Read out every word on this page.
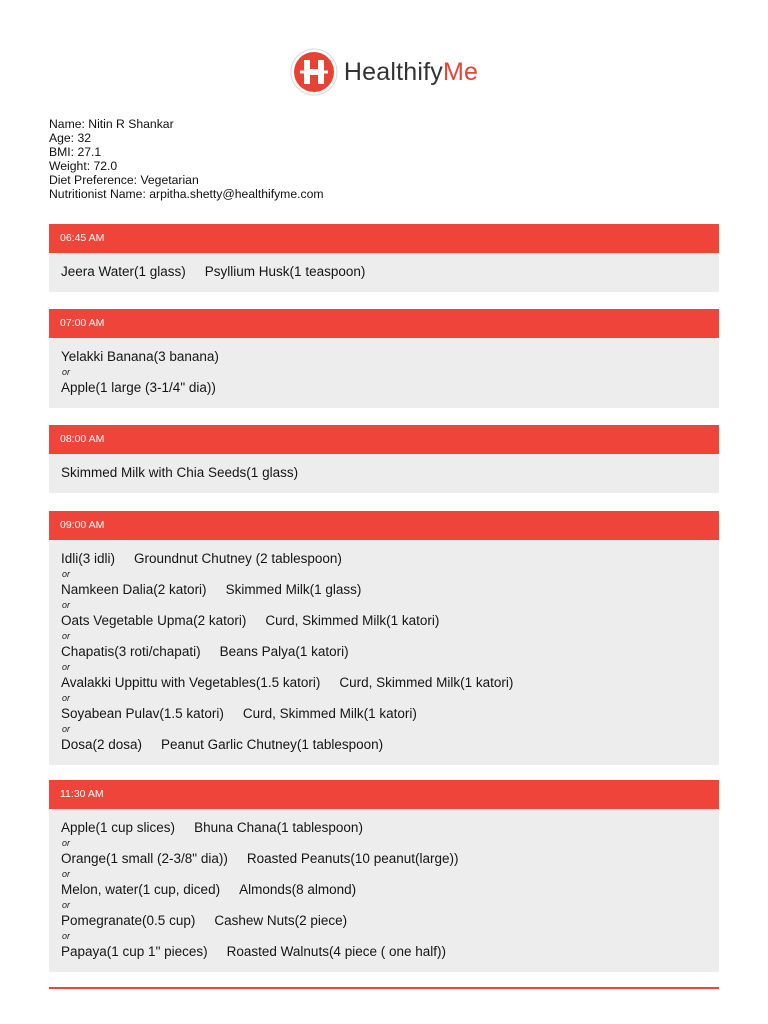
HealthifyMe
Name: Nitin R Shankar
Age: 32
BMI: 27.1
Weight: 72.0
Diet Preference: Vegetarian
Nutritionist Name: arpitha.shetty@healthifyme.com
06:45 AM
Jeera Water(1 glass) Psyllium Husk(1 teaspoon)
07:00 AM
Yelakki Banana(3 banana)
or
Apple(1 large (3-1/4" dia))
08:00 AM
Skimmed Milk with Chia Seeds(1 glass)
09:00 AM
Idli(3 idli) Groundnut Chutney (2 tablespoon)
or
Namkeen Dalia(2 katori) Skimmed Milk(1 glass)
or
Oats Vegetable Upma(2 katori) Curd, Skimmed Milk(1 katori)
or
Chapatis(3 roti/chapati) Beans Palya(1 katori)
or
Avalakki Uppittu with Vegetables(1.5 katori) Curd, Skimmed Milk(1 katori)
or
Soyabean Pulav(1.5 katori) Curd, Skimmed Milk(1 katori)
or
Dosa(2 dosa) Peanut Garlic Chutney(1 tablespoon)
11:30 AM
Apple(1 cup slices) Bhuna Chana(1 tablespoon)
or
Orange(1 small (2-3/8" dia)) Roasted Peanuts(10 peanut(large))
or
Melon, water(1 cup, diced) Almonds(8 almond)
or
Pomegranate(0.5 cup) Cashew Nuts(2 piece)
or
Papaya(1 cup 1" pieces) Roasted Walnuts(4 piece ( one half))
